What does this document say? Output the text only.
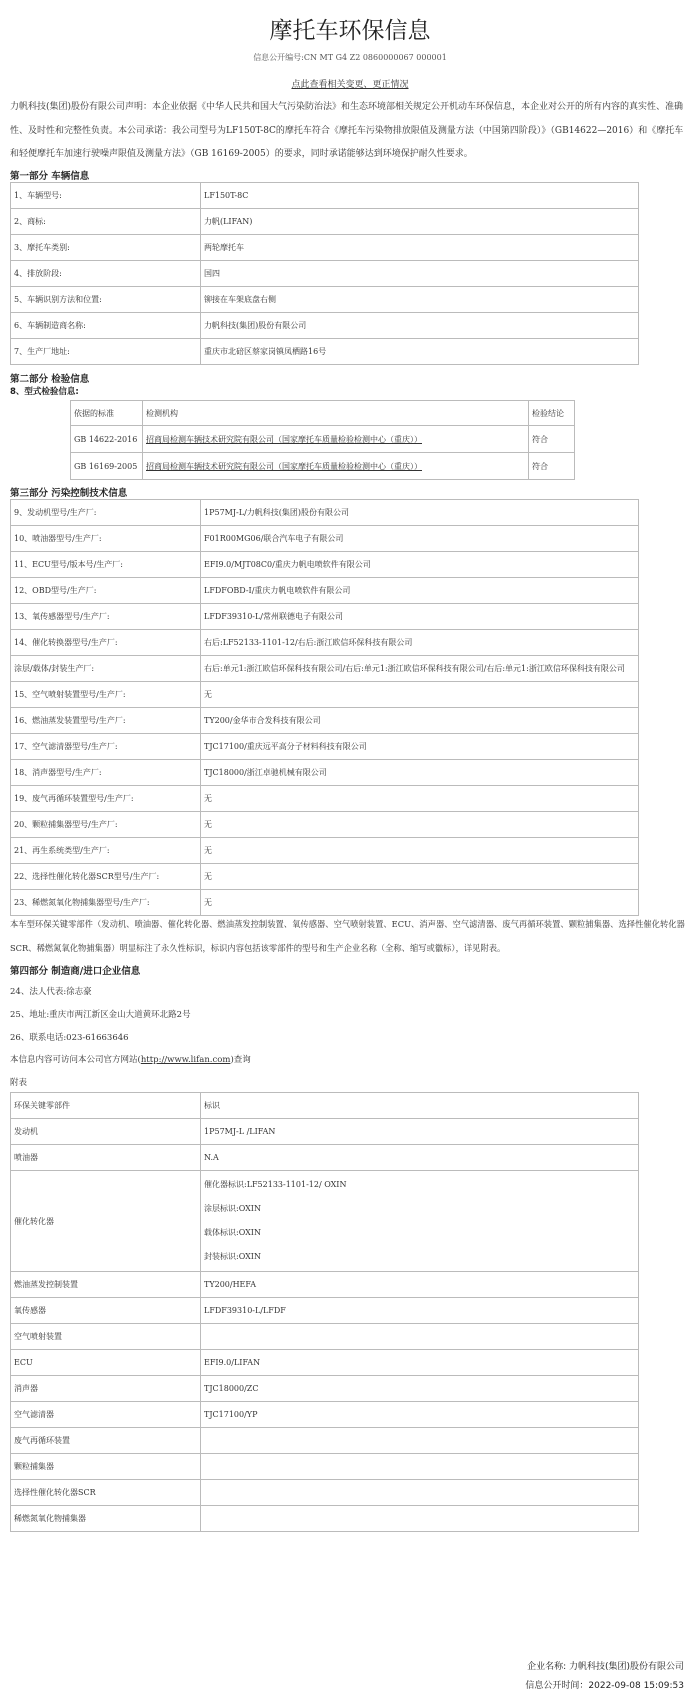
摩托车环保信息
信息公开编号:CN MT G4 Z2 0860000067 000001
点此查看相关变更、更正情况
力帆科技(集团)股份有限公司声明：本企业依据《中华人民共和国大气污染防治法》和生态环境部相关规定公开机动车环保信息，本企业对公开的所有内容的真实性、准确性、及时性和完整性负责。本公司承诺：我公司型号为LF150T-8C的摩托车符合《摩托车污染物排放限值及测量方法（中国第四阶段）》（GB14622—2016）和《摩托车和轻便摩托车加速行驶噪声限值及测量方法》（GB 16169-2005）的要求，同时承诺能够达到环境保护耐久性要求。
第一部分 车辆信息
1、车辆型号:	LF150T-8C
2、商标:	力帆(LIFAN)
3、摩托车类别:	两轮摩托车
4、排放阶段:	国四
5、车辆识别方法和位置:	铆接在车架底盘右侧
6、车辆制造商名称:	力帆科技(集团)股份有限公司
7、生产厂地址:	重庆市北碚区蔡家岗镇凤栖路16号
第二部分 检验信息
8、型式检验信息:
依据的标准	检测机构	检验结论
GB 14622-2016	招商局检测车辆技术研究院有限公司（国家摩托车质量检验检测中心（重庆））	符合
GB 16169-2005	招商局检测车辆技术研究院有限公司（国家摩托车质量检验检测中心（重庆））	符合
第三部分 污染控制技术信息
9、发动机型号/生产厂:	1P57MJ-L/力帆科技(集团)股份有限公司
10、喷油器型号/生产厂:	F01R00MG06/联合汽车电子有限公司
11、ECU型号/版本号/生产厂:	EFI9.0/MJT08C0/重庆力帆电喷软件有限公司
12、OBD型号/生产厂:	LFDFOBD-Ⅰ/重庆力帆电喷软件有限公司
13、氧传感器型号/生产厂:	LFDF39310-L/常州联德电子有限公司
14、催化转换器型号/生产厂:	右后:LF52133-1101-12/右后:浙江欧信环保科技有限公司
涂层/载体/封装生产厂:	右后:单元1:浙江欧信环保科技有限公司/右后:单元1:浙江欧信环保科技有限公司/右后:单元1:浙江欧信环保科技有限公司
15、空气喷射装置型号/生产厂:	无
16、燃油蒸发装置型号/生产厂:	TY200/金华市合发科技有限公司
17、空气滤清器型号/生产厂:	TJC17100/重庆远平高分子材料科技有限公司
18、消声器型号/生产厂:	TJC18000/浙江卓驰机械有限公司
19、废气再循环装置型号/生产厂:	无
20、颗粒捕集器型号/生产厂:	无
21、再生系统类型/生产厂:	无
22、选择性催化转化器SCR型号/生产厂:	无
23、稀燃氮氧化物捕集器型号/生产厂:	无
本车型环保关键零部件（发动机、喷油器、催化转化器、燃油蒸发控制装置、氧传感器、空气喷射装置、ECU、消声器、空气滤清器、废气再循环装置、颗粒捕集器、选择性催化转化器SCR、稀燃氮氧化物捕集器）明显标注了永久性标识，标识内容包括该零部件的型号和生产企业名称（全称、缩写或徽标），详见附表。
第四部分 制造商/进口企业信息
24、法人代表:徐志豪
25、地址:重庆市两江新区金山大道黄环北路2号
26、联系电话:023-61663646
本信息内容可访问本公司官方网站(http://www.lifan.com)查询
附表
环保关键零部件	标识
发动机	1P57MJ-L /LIFAN

喷油器	N.A

催化转化器	催化器标识:LF52133-1101-12/ OXIN
涂层标识:OXIN
载体标识:OXIN
封装标识:OXIN

燃油蒸发控制装置	TY200/HEFA

氧传感器	LFDF39310-L/LFDF

空气喷射装置	

ECU	EFI9.0/LIFAN

消声器	TJC18000/ZC

空气滤清器	TJC17100/YP

废气再循环装置	

颗粒捕集器	

选择性催化转化器SCR	

稀燃氮氧化物捕集器	
企业名称: 力帆科技(集团)股份有限公司
信息公开时间：2022-09-08 15:09:53
